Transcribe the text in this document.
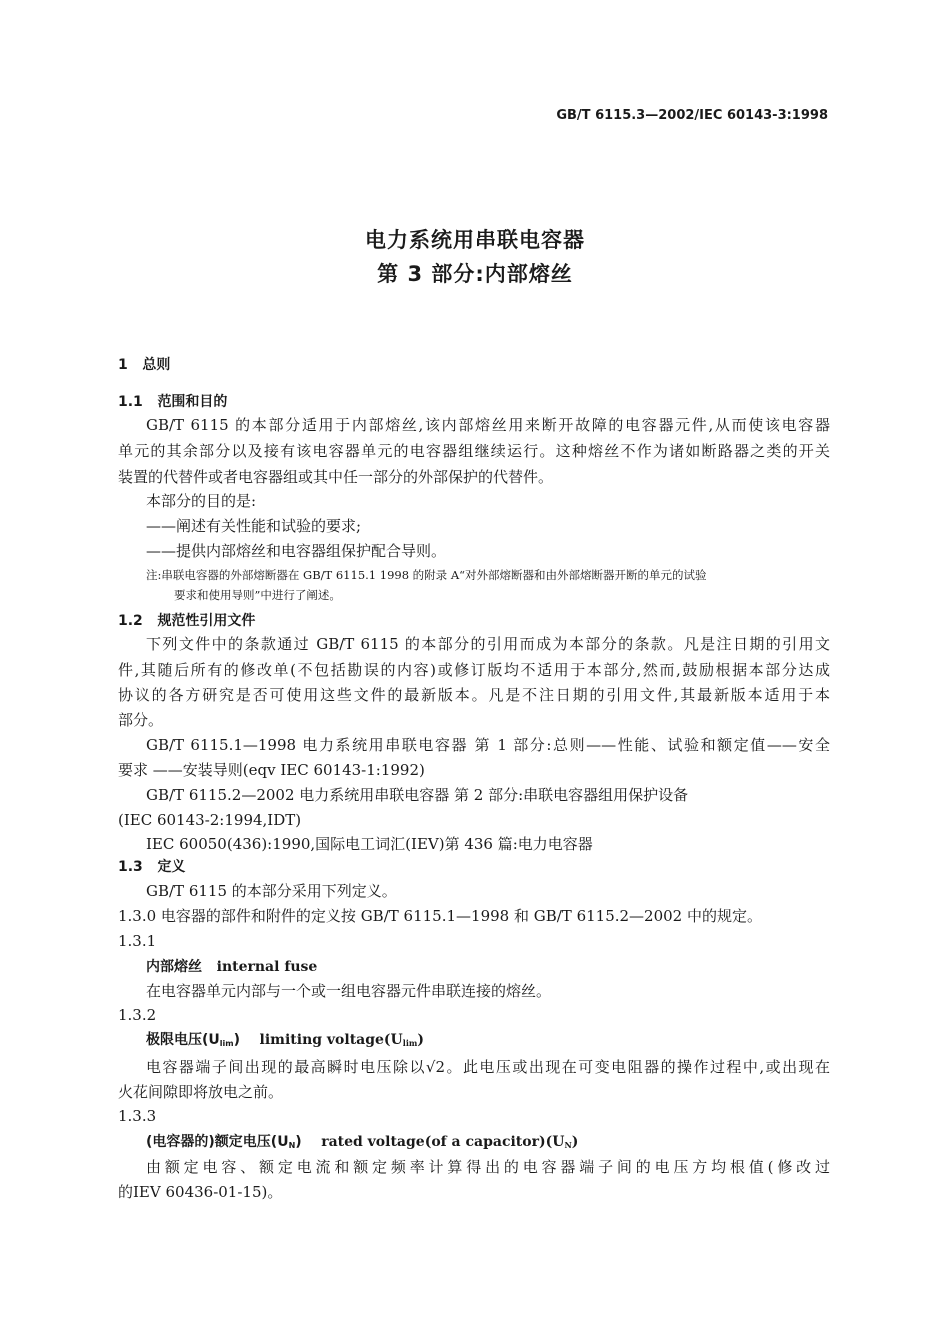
GB/T 6115.3—2002/IEC 60143-3:1998
电力系统用串联电容器
第 3 部分:内部熔丝
1 总则
1.1 范围和目的
GB/T 6115 的本部分适用于内部熔丝,该内部熔丝用来断开故障的电容器元件,从而使该电容器
单元的其余部分以及接有该电容器单元的电容器组继续运行。这种熔丝不作为诸如断路器之类的开关
装置的代替件或者电容器组或其中任一部分的外部保护的代替件。
本部分的目的是:
——阐述有关性能和试验的要求;
——提供内部熔丝和电容器组保护配合导则。
注:串联电容器的外部熔断器在 GB/T 6115.1 1998 的附录 A“对外部熔断器和由外部熔断器开断的单元的试验
要求和使用导则”中进行了阐述。
1.2 规范性引用文件
下列文件中的条款通过 GB/T 6115 的本部分的引用而成为本部分的条款。凡是注日期的引用文
件,其随后所有的修改单(不包括勘误的内容)或修订版均不适用于本部分,然而,鼓励根据本部分达成
协议的各方研究是否可使用这些文件的最新版本。凡是不注日期的引用文件,其最新版本适用于本
部分。
GB/T 6115.1—1998 电力系统用串联电容器 第 1 部分:总则——性能、试验和额定值——安全
要求 ——安装导则(eqv IEC 60143-1:1992)
GB/T 6115.2—2002 电力系统用串联电容器 第 2 部分:串联电容器组用保护设备
(IEC 60143-2:1994,IDT)
IEC 60050(436):1990,国际电工词汇(IEV)第 436 篇:电力电容器
1.3 定义
GB/T 6115 的本部分采用下列定义。
1.3.0 电容器的部件和附件的定义按 GB/T 6115.1—1998 和 GB/T 6115.2—2002 中的规定。
1.3.1
内部熔丝 internal fuse
在电容器单元内部与一个或一组电容器元件串联连接的熔丝。
1.3.2
极限电压$(U_{lim})$ limiting $voltage(U_{lim})$
电容器端子间出现的最高瞬时电压除以√2。此电压或出现在可变电阻器的操作过程中,或出现在
火花间隙即将放电之前。
1.3.3
(电容器的)额定电压$(U_N)$ rated voltage(of a $capacitor)(U_N)$
由额定电容、额定电流和额定频率计算得出的电容器端子间的电压方均根值(修改过
的IEV 60436-01-15)。
